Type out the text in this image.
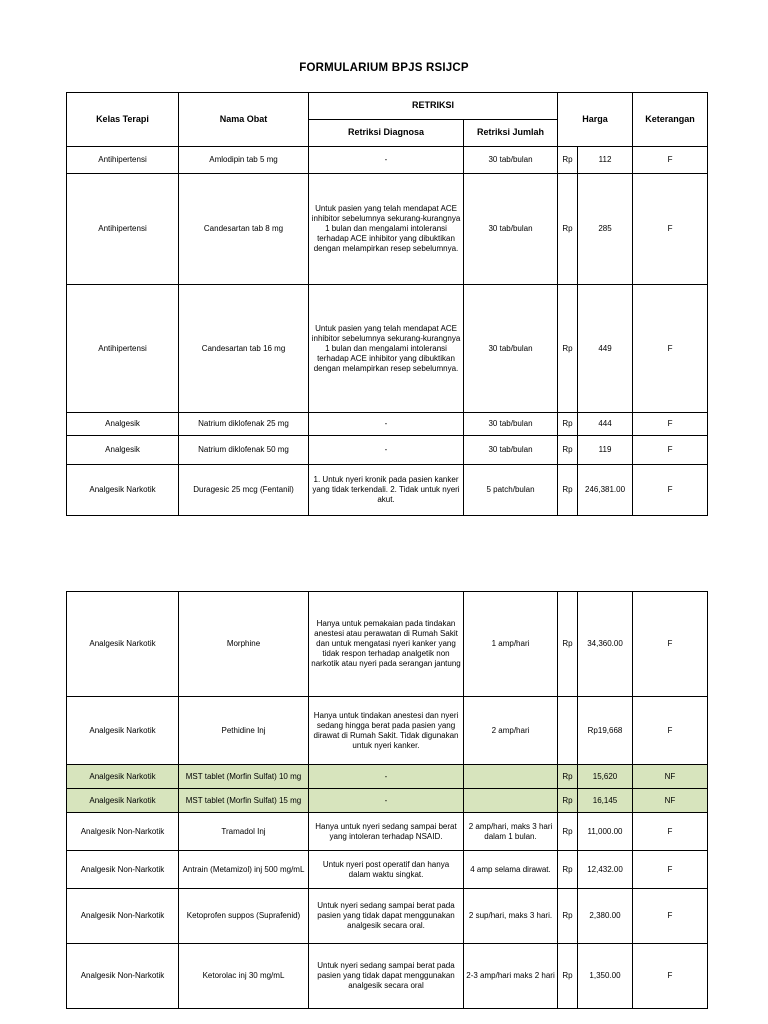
FORMULARIUM BPJS RSIJCP
Kelas Terapi	Nama Obat	RETRIKSI		Harga		Keterangan
		Retriksi Diagnosa	Retriksi Jumlah			
Antihipertensi	Amlodipin tab 5 mg	-	30 tab/bulan	Rp	112	F
Antihipertensi	Candesartan tab 8 mg	Untuk pasien yang telah mendapat ACE inhibitor sebelumnya sekurang-kurangnya 1 bulan dan mengalami intoleransi terhadap ACE inhibitor yang dibuktikan dengan melampirkan resep sebelumnya.	30 tab/bulan	Rp	285	F
Antihipertensi	Candesartan tab 16 mg	Untuk pasien yang telah mendapat ACE inhibitor sebelumnya sekurang-kurangnya 1 bulan dan mengalami intoleransi terhadap ACE inhibitor yang dibuktikan dengan melampirkan resep sebelumnya.	30 tab/bulan	Rp	449	F
Analgesik	Natrium diklofenak 25 mg	-	30 tab/bulan	Rp	444	F
Analgesik	Natrium diklofenak 50 mg	-	30 tab/bulan	Rp	119	F
Analgesik Narkotik	Duragesic 25 mcg (Fentanil)	1. Untuk nyeri kronik pada pasien kanker yang tidak terkendali. 2. Tidak untuk nyeri akut.	5 patch/bulan	Rp	246,381.00	F
Analgesik Narkotik	Morphine	Hanya untuk pemakaian pada tindakan anestesi atau perawatan di Rumah Sakit dan untuk mengatasi nyeri kanker yang tidak respon terhadap analgetik non narkotik atau nyeri pada serangan jantung	1 amp/hari	Rp	34,360.00	F
Analgesik Narkotik	Pethidine Inj	Hanya untuk tindakan anestesi dan nyeri sedang hingga berat pada pasien yang dirawat di Rumah Sakit. Tidak digunakan untuk nyeri kanker.	2 amp/hari		Rp19,668	F
Analgesik Narkotik	MST tablet (Morfin Sulfat) 10 mg	-		Rp	15,620	NF
Analgesik Narkotik	MST tablet (Morfin Sulfat) 15 mg	-		Rp	16,145	NF
Analgesik Non-Narkotik	Tramadol Inj	Hanya untuk nyeri sedang sampai berat yang intoleran terhadap NSAID.	2 amp/hari, maks 3 hari dalam 1 bulan.	Rp	11,000.00	F
Analgesik Non-Narkotik	Antrain (Metamizol) inj 500 mg/mL	Untuk nyeri post operatif dan hanya dalam waktu singkat.	4 amp selama dirawat.	Rp	12,432.00	F
Analgesik Non-Narkotik	Ketoprofen suppos (Suprafenid)	Untuk nyeri sedang sampai berat pada pasien yang tidak dapat menggunakan analgesik secara oral.	2 sup/hari, maks 3 hari.	Rp	2,380.00	F
Analgesik Non-Narkotik	Ketorolac inj 30 mg/mL	Untuk nyeri sedang sampai berat pada pasien yang tidak dapat menggunakan analgesik secara oral	2-3 amp/hari maks 2 hari	Rp	1,350.00	F
